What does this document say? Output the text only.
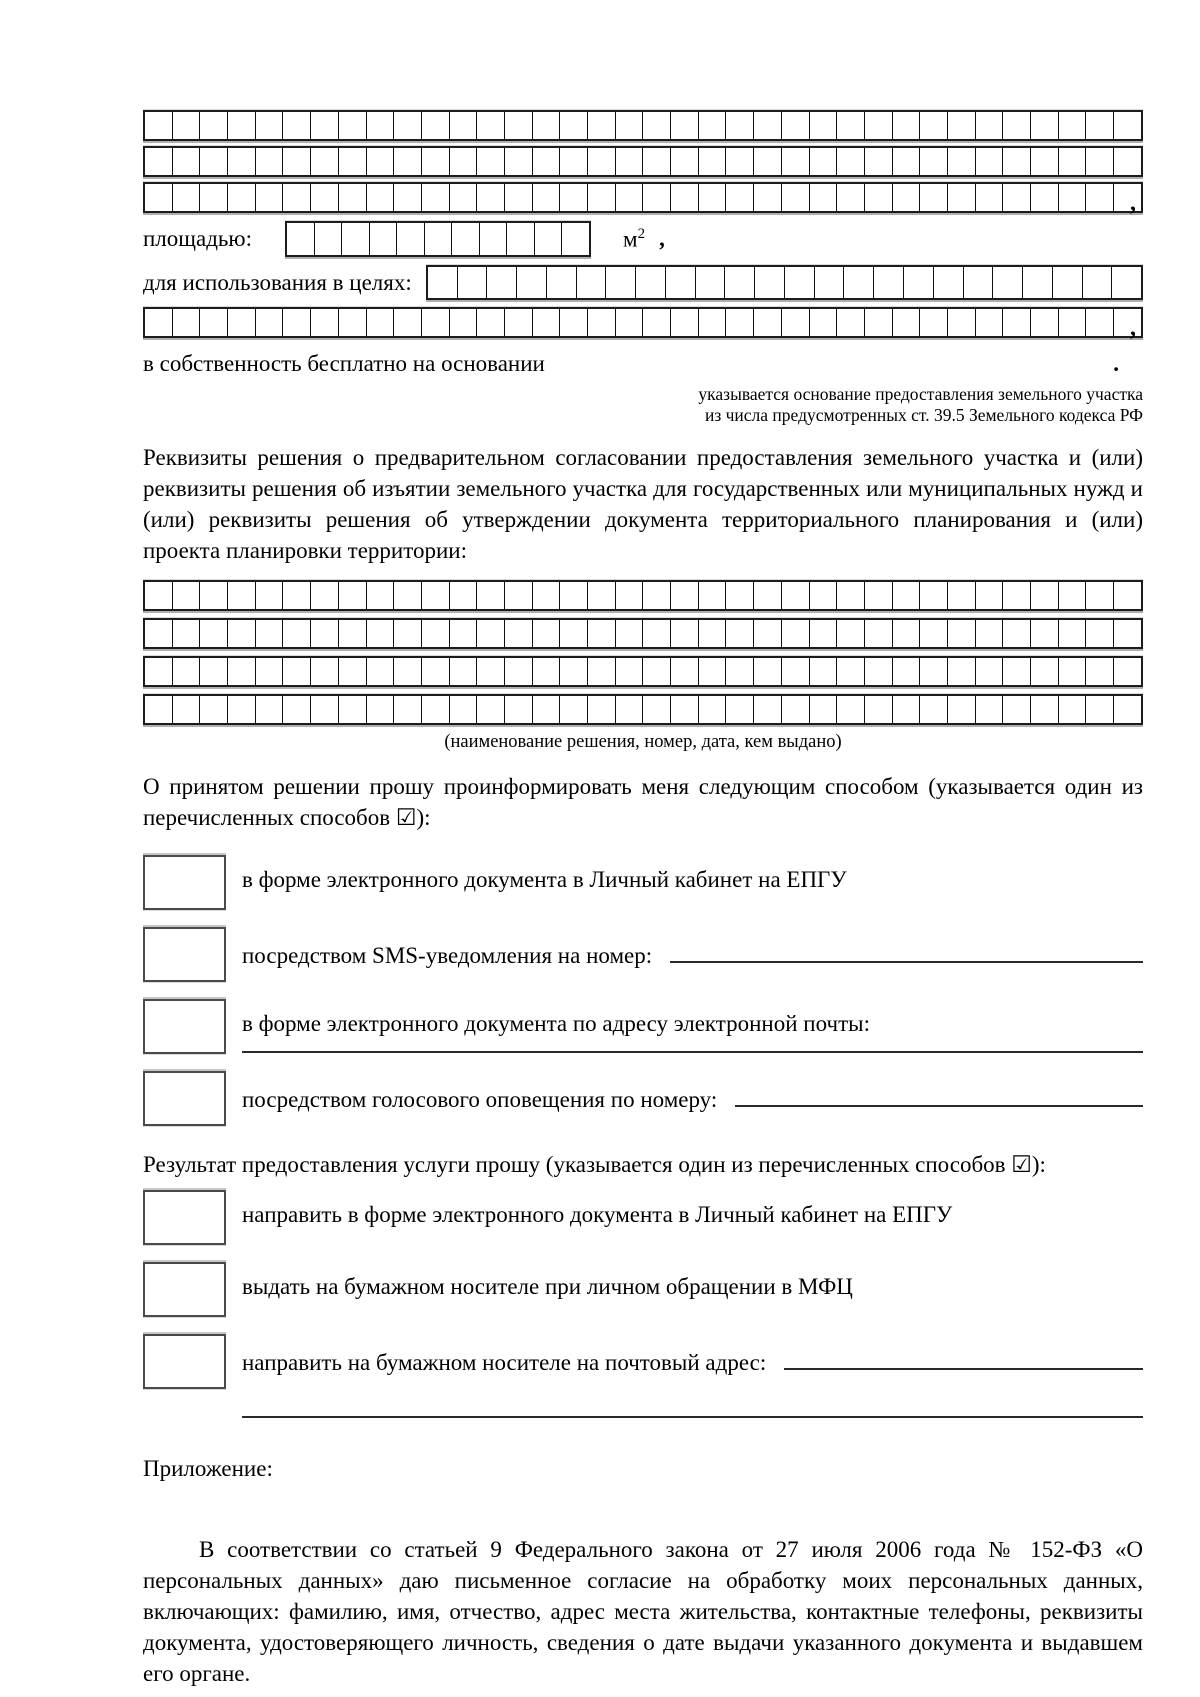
,
площадью:	$м^2$ ,
для использования в целях:
,
в собственность бесплатно на основании	.
указывается основание предоставления земельного участка
из числа предусмотренных ст. 39.5 Земельного кодекса РФ

Реквизиты решения о предварительном согласовании предоставления земельного участка и (или) реквизиты решения об изъятии земельного участка для государственных или муниципальных нужд и (или) реквизиты решения об утверждении документа территориального планирования и (или) проекта планировки территории:

(наименование решения, номер, дата, кем выдано)

О принятом решении прошу проинформировать меня следующим способом (указывается один из перечисленных способов ☑):

в форме электронного документа в Личный кабинет на ЕПГУ
посредством SMS-уведомления на номер:
в форме электронного документа по адресу электронной почты:
посредством голосового оповещения по номеру:

Результат предоставления услуги прошу (указывается один из перечисленных способов ☑):

направить в форме электронного документа в Личный кабинет на ЕПГУ
выдать на бумажном носителе при личном обращении в МФЦ
направить на бумажном носителе на почтовый адрес:
Приложение:

В соответствии со статьей 9 Федерального закона от 27 июля 2006 года № 152-ФЗ «О персональных данных» даю письменное согласие на обработку моих персональных данных, включающих: фамилию, имя, отчество, адрес места жительства, контактные телефоны, реквизиты документа, удостоверяющего личность, сведения о дате выдачи указанного документа и выдавшем его органе.
